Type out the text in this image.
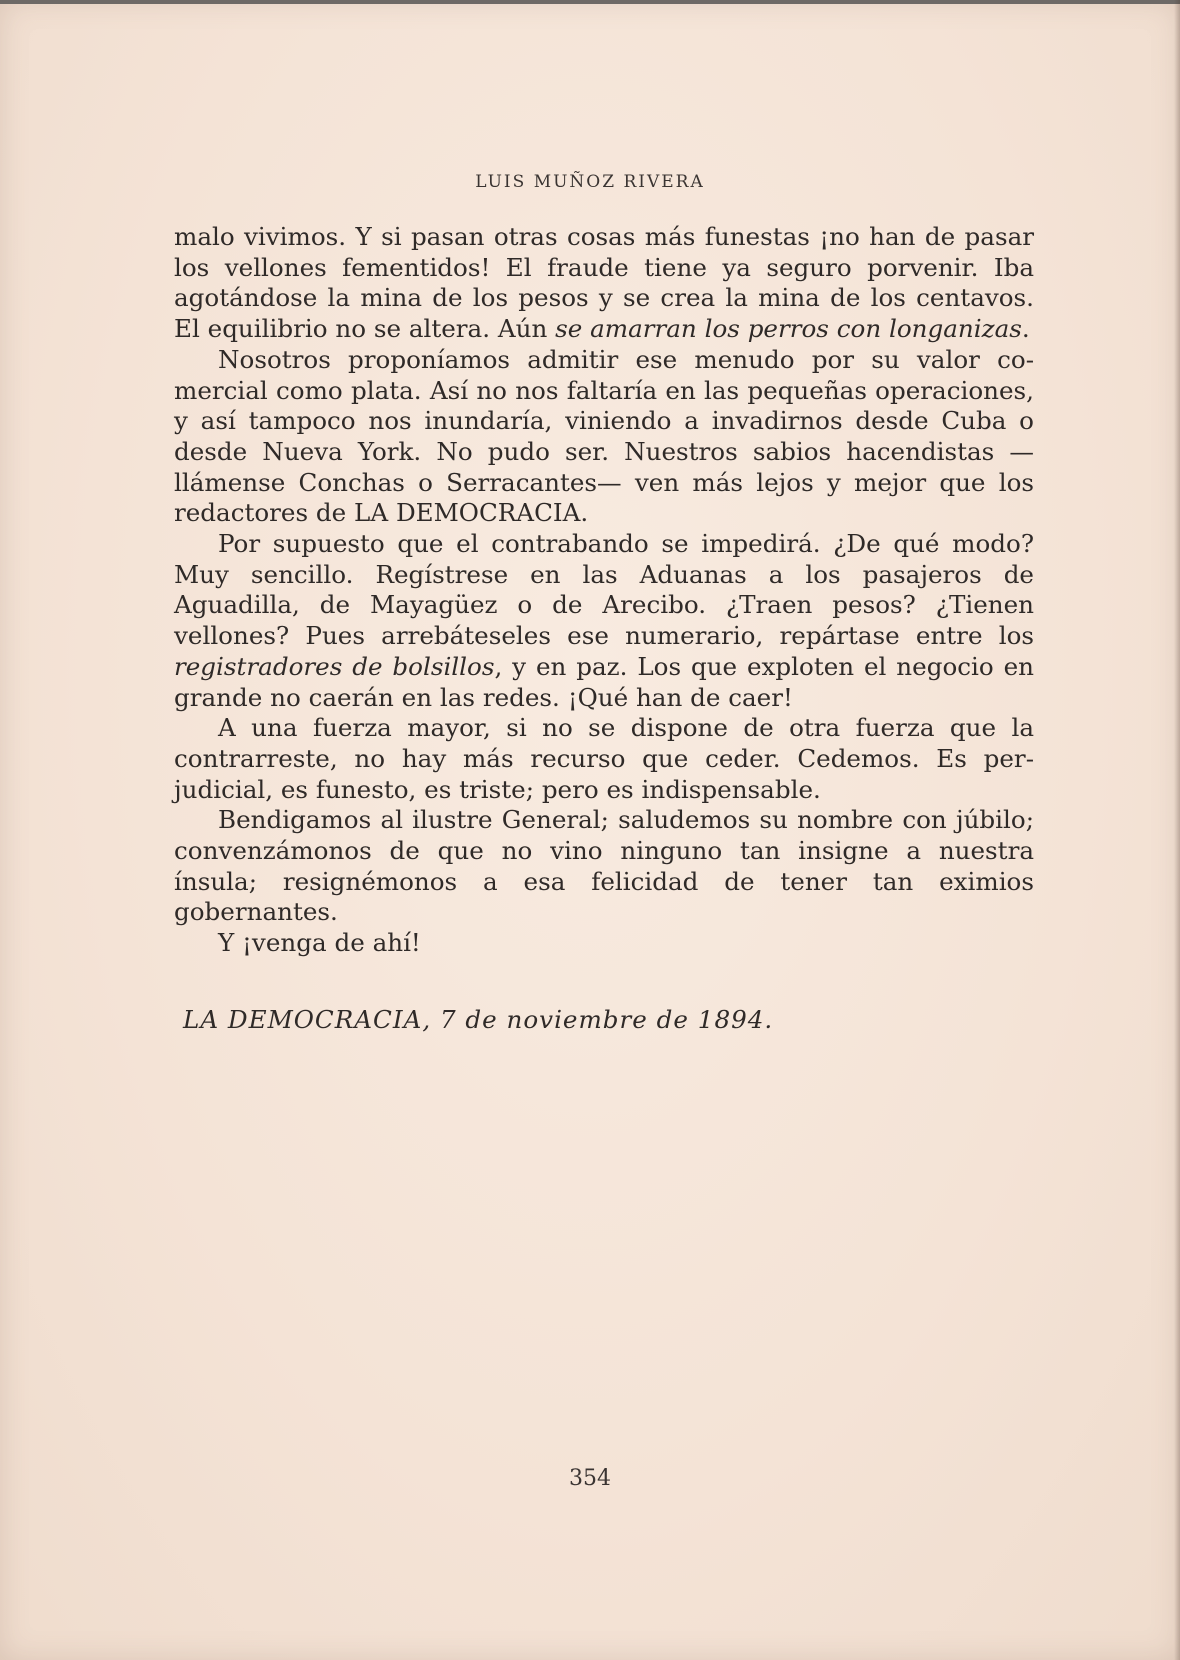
LUIS MUÑOZ RIVERA

malo vivimos. Y si pasan otras cosas más funestas ¡no han de pasar los vellones fementidos! El fraude tiene ya seguro porvenir. Iba agotándose la mina de los pesos y se crea la mina de los centavos. El equilibrio no se altera. Aún se amarran los perros con longanizas.

Nosotros proponíamos admitir ese menudo por su valor comercial como plata. Así no nos faltaría en las pequeñas operaciones, y así tampoco nos inundaría, viniendo a invadirnos desde Cuba o desde Nueva York. No pudo ser. Nuestros sabios hacendistas —llámense Conchas o Serracantes— ven más lejos y mejor que los redactores de LA DEMOCRACIA.

Por supuesto que el contrabando se impedirá. ¿De qué modo? Muy sencillo. Regístrese en las Aduanas a los pasajeros de Aguadilla, de Mayagüez o de Arecibo. ¿Traen pesos? ¿Tienen vellones? Pues arrebáteseles ese numerario, repártase entre los registradores de bolsillos, y en paz. Los que exploten el negocio en grande no caerán en las redes. ¡Qué han de caer!

A una fuerza mayor, si no se dispone de otra fuerza que la contrarreste, no hay más recurso que ceder. Cedemos. Es perjudicial, es funesto, es triste; pero es indispensable.

Bendigamos al ilustre General; saludemos su nombre con júbilo; convenzámonos de que no vino ninguno tan insigne a nuestra ínsula; resignémonos a esa felicidad de tener tan eximios gobernantes.

Y ¡venga de ahí!

LA DEMOCRACIA, 7 de noviembre de 1894.
354
